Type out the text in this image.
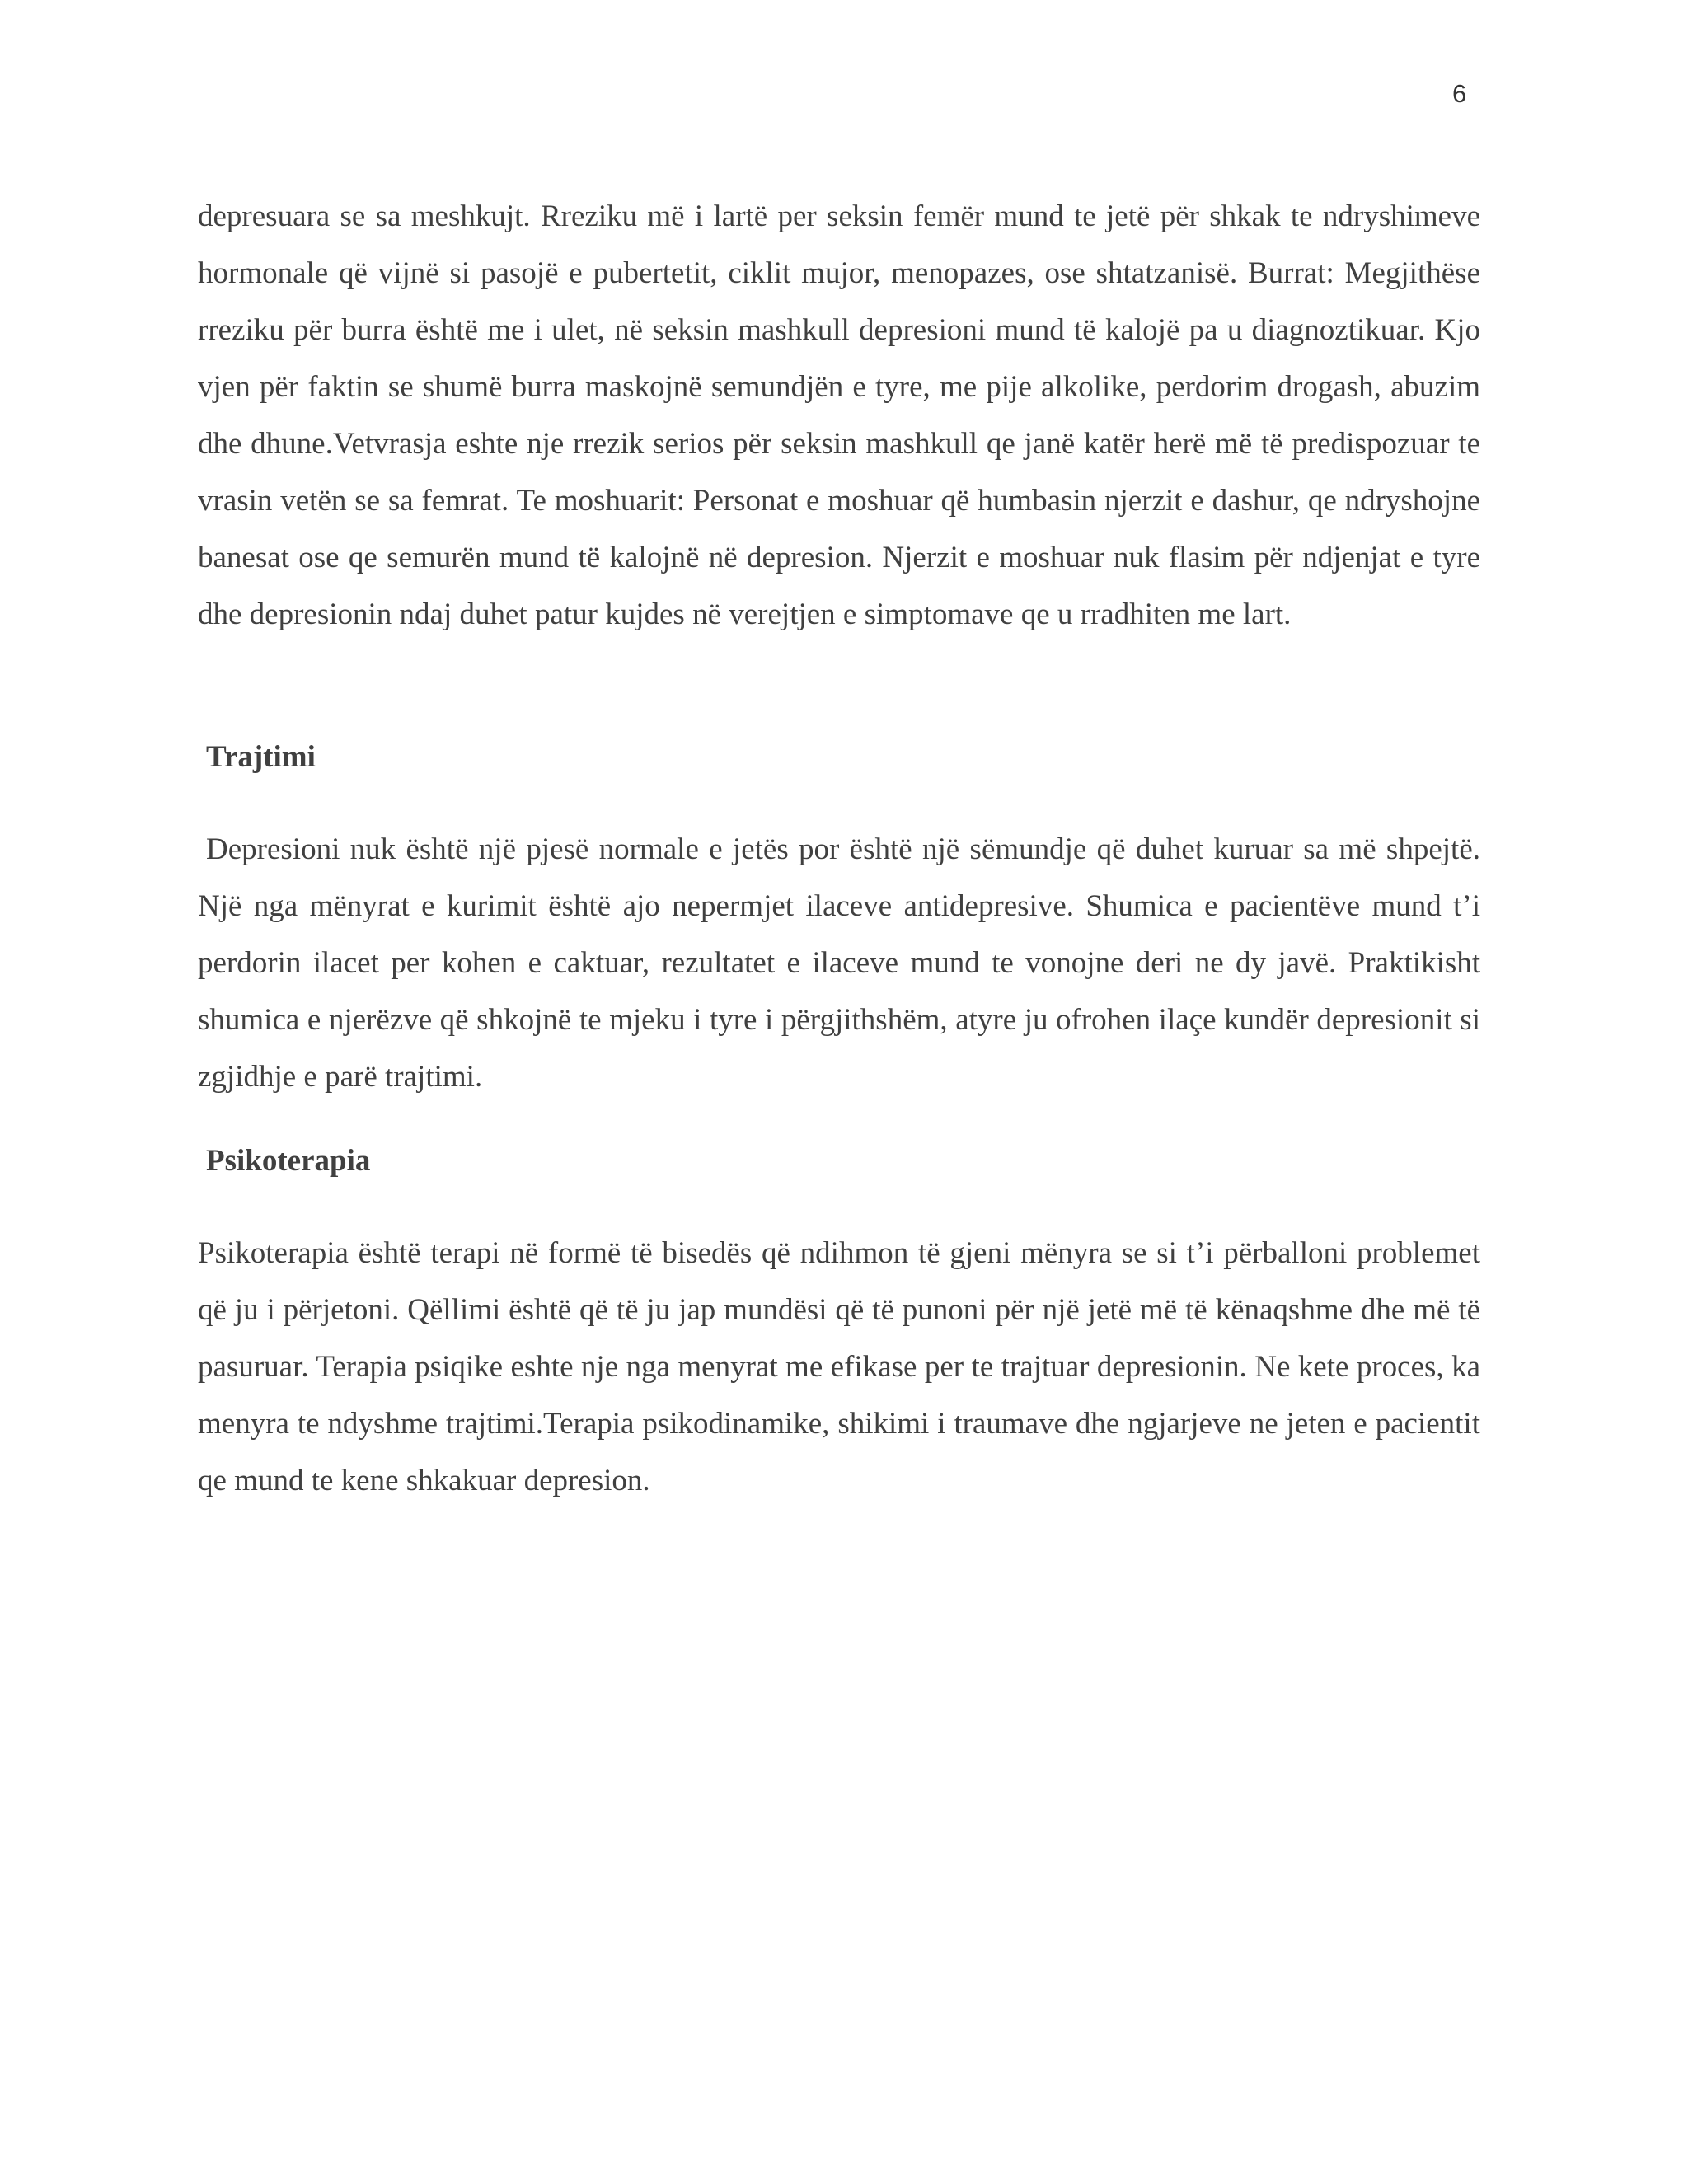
6

depresuara se sa meshkujt. Rreziku më i lartë per seksin femër mund te jetë për shkak te ndryshimeve hormonale që vijnë si pasojë e pubertetit, ciklit mujor, menopazes, ose shtatzanisë. Burrat: Megjithëse rreziku për burra është me i ulet, në seksin mashkull depresioni mund të kalojë pa u diagnoztikuar. Kjo vjen për faktin se shumë burra maskojnë semundjën e tyre, me pije alkolike, perdorim drogash, abuzim dhe dhune.Vetvrasja eshte nje rrezik serios për seksin mashkull qe janë katër herë më të predispozuar te vrasin vetën se sa femrat. Te moshuarit: Personat e moshuar që humbasin njerzit e dashur, qe ndryshojne banesat ose qe semurën mund të kalojnë në depresion. Njerzit e moshuar nuk flasim për ndjenjat e tyre dhe depresionin ndaj duhet patur kujdes në verejtjen e simptomave qe u rradhiten me lart.

Trajtimi

Depresioni nuk është një pjesë normale e jetës por është një sëmundje që duhet kuruar sa më shpejtë. Një nga mënyrat e kurimit është ajo nepermjet ilaceve antidepresive. Shumica e pacientëve mund t’i perdorin ilacet per kohen e caktuar, rezultatet e ilaceve mund te vonojne deri ne dy javë. Praktikisht shumica e njerëzve që shkojnë te mjeku i tyre i përgjithshëm, atyre ju ofrohen ilaçe kundër depresionit si zgjidhje e parë trajtimi.

Psikoterapia

Psikoterapia është terapi në formë të bisedës që ndihmon të gjeni mënyra se si t’i përballoni problemet që ju i përjetoni. Qëllimi është që të ju jap mundësi që të punoni për një jetë më të kënaqshme dhe më të pasuruar. Terapia psiqike eshte nje nga menyrat me efikase per te trajtuar depresionin. Ne kete proces, ka menyra te ndyshme trajtimi.Terapia psikodinamike, shikimi i traumave dhe ngjarjeve ne jeten e pacientit qe mund te kene shkakuar depresion.
